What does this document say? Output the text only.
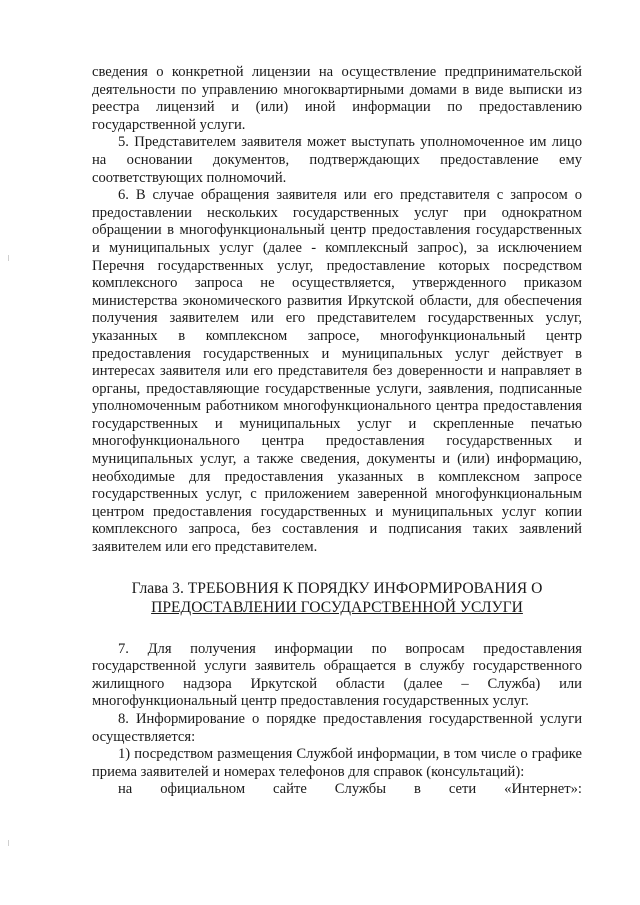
сведения о конкретной лицензии на осуществление предпринимательской деятельности по управлению многоквартирными домами в виде выписки из реестра лицензий и (или) иной информации по предоставлению государственной услуги.

5. Представителем заявителя может выступать уполномоченное им лицо на основании документов, подтверждающих предоставление ему соответствующих полномочий.

6. В случае обращения заявителя или его представителя с запросом о предоставлении нескольких государственных услуг при однократном обращении в многофункциональный центр предоставления государственных и муниципальных услуг (далее - комплексный запрос), за исключением Перечня государственных услуг, предоставление которых посредством комплексного запроса не осуществляется, утвержденного приказом министерства экономического развития Иркутской области, для обеспечения получения заявителем или его представителем государственных услуг, указанных в комплексном запросе, многофункциональный центр предоставления государственных и муниципальных услуг действует в интересах заявителя или его представителя без доверенности и направляет в органы, предоставляющие государственные услуги, заявления, подписанные уполномоченным работником многофункционального центра предоставления государственных и муниципальных услуг и скрепленные печатью многофункционального центра предоставления государственных и муниципальных услуг, а также сведения, документы и (или) информацию, необходимые для предоставления указанных в комплексном запросе государственных услуг, с приложением заверенной многофункциональным центром предоставления государственных и муниципальных услуг копии комплексного запроса, без составления и подписания таких заявлений заявителем или его представителем.

Глава 3. ТРЕБОВНИЯ К ПОРЯДКУ ИНФОРМИРОВАНИЯ О
ПРЕДОСТАВЛЕНИИ ГОСУДАРСТВЕННОЙ УСЛУГИ

7. Для получения информации по вопросам предоставления государственной услуги заявитель обращается в службу государственного жилищного надзора Иркутской области (далее – Служба) или многофункциональный центр предоставления государственных услуг.

8. Информирование о порядке предоставления государственной услуги осуществляется:

1) посредством размещения Службой информации, в том числе о графике приема заявителей и номерах телефонов для справок (консультаций):

на официальном сайте Службы в сети «Интернет»:
